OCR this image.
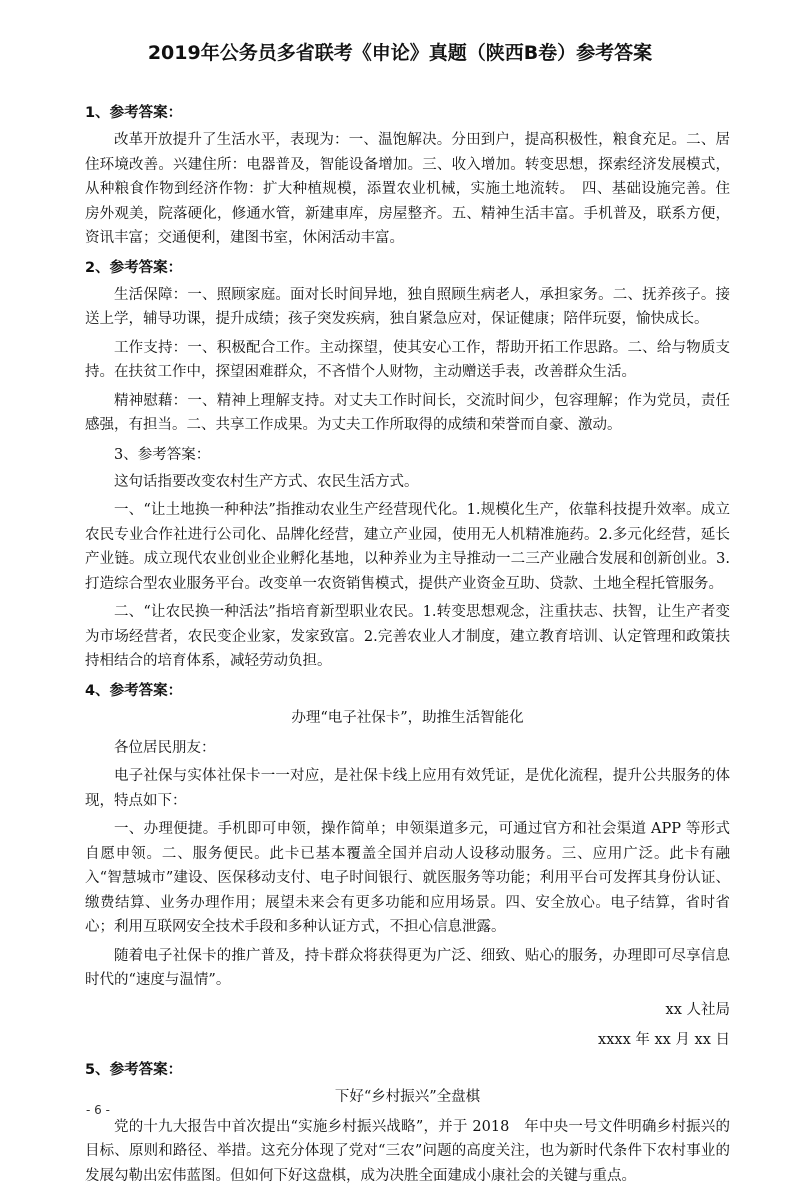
2019年公务员多省联考《申论》真题（陕西B卷）参考答案
1、参考答案：

改革开放提升了生活水平，表现为：一、温饱解决。分田到户，提高积极性，粮食充足。二、居住环境改善。兴建住所：电器普及，智能设备增加。三、收入增加。转变思想，探索经济发展模式，从种粮食作物到经济作物：扩大种植规模，添置农业机械，实施土地流转。　四、基础设施完善。住房外观美，院落硬化，修通水管，新建車库，房屋整齐。五、精神生活丰富。手机普及，联系方便，资讯丰富；交通便利，建图书室，休闲活动丰富。

2、参考答案：

生活保障：一、照顾家庭。面对长时间异地，独自照顾生病老人，承担家务。二、抚养孩子。接送上学，辅导功课，提升成绩；孩子突发疾病，独自紧急应对，保证健康；陪伴玩耍，愉快成长。

工作支持：一、积极配合工作。主动探望，使其安心工作，帮助开拓工作思路。二、给与物质支持。在扶贫工作中，探望困难群众，不吝惜个人财物，主动赠送手表，改善群众生活。

精神慰藉：一、精神上理解支持。对丈夫工作时间长，交流时间少，包容理解；作为党员，责任感强，有担当。二、共享工作成果。为丈夫工作所取得的成绩和荣誉而自豪、激动。

3、参考答案：

这句话指要改变农村生产方式、农民生活方式。

一、“让土地换一种种法”指推动农业生产经营现代化。1.规模化生产，依靠科技提升效率。成立农民专业合作社进行公司化、品牌化经营，建立产业园，使用无人机精准施药。2.多元化经营，延长产业链。成立现代农业创业企业孵化基地，以种养业为主导推动一二三产业融合发展和创新创业。3.打造综合型农业服务平台。改变单一农资销售模式，提供产业资金互助、贷款、土地全程托管服务。

二、“让农民换一种活法”指培育新型职业农民。1.转变思想观念，注重扶志、扶智，让生产者变为市场经营者，农民变企业家，发家致富。2.完善农业人才制度，建立教育培训、认定管理和政策扶持相结合的培育体系，减轻劳动负担。

4、参考答案：
办理“电子社保卡”，助推生活智能化

各位居民朋友：

电子社保与实体社保卡一一对应，是社保卡线上应用有效凭证，是优化流程，提升公共服务的体现，特点如下：

一、办理便捷。手机即可申领，操作简单；申领渠道多元，可通过官方和社会渠道 APP 等形式自愿申领。二、服务便民。此卡已基本覆盖全国并启动人设移动服务。三、应用广泛。此卡有融入“智慧城市”建设、医保移动支付、电子时间银行、就医服务等功能；利用平台可发挥其身份认证、缴费结算、业务办理作用；展望未来会有更多功能和应用场景。四、安全放心。电子结算，省时省心；利用互联网安全技术手段和多种认证方式，不担心信息泄露。

随着电子社保卡的推广普及，持卡群众将获得更为广泛、细致、贴心的服务，办理即可尽享信息时代的“速度与温情”。

xx 人社局
xxxx 年 xx 月 xx 日
5、参考答案：
下好“乡村振兴”全盘棋

党的十九大报告中首次提出“实施乡村振兴战略”，并于 2018　年中央一号文件明确乡村振兴的目标、原则和路径、举措。这充分体现了党对“三农”问题的高度关注，也为新时代条件下农村事业的发展勾勒出宏伟蓝图。但如何下好这盘棋，成为决胜全面建成小康社会的关键与重点。

- 6 -
